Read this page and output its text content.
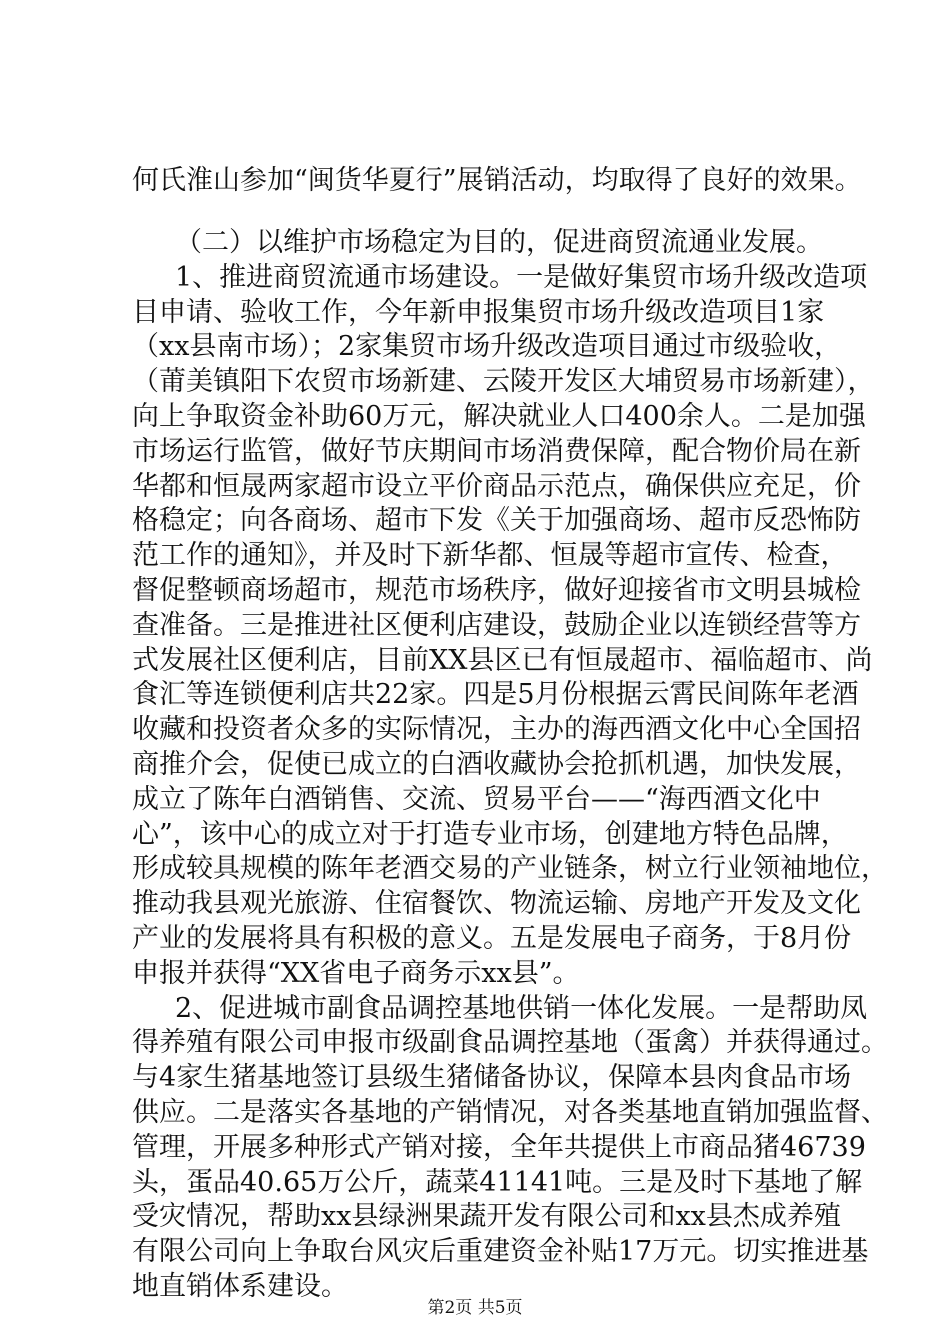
何氏淮山参加“闽货华夏行”展销活动，均取得了良好的效果。
（二）以维护市场稳定为目的，促进商贸流通业发展。
1、推进商贸流通市场建设。一是做好集贸市场升级改造项
目申请、验收工作，今年新申报集贸市场升级改造项目1家
（xx县南市场）；2家集贸市场升级改造项目通过市级验收，
（莆美镇阳下农贸市场新建、云陵开发区大埔贸易市场新建），
向上争取资金补助60万元，解决就业人口400余人。二是加强
市场运行监管，做好节庆期间市场消费保障，配合物价局在新
华都和恒晟两家超市设立平价商品示范点，确保供应充足，价
格稳定；向各商场、超市下发《关于加强商场、超市反恐怖防
范工作的通知》，并及时下新华都、恒晟等超市宣传、检查，
督促整顿商场超市，规范市场秩序，做好迎接省市文明县城检
查准备。三是推进社区便利店建设，鼓励企业以连锁经营等方
式发展社区便利店，目前XX县区已有恒晟超市、福临超市、尚
食汇等连锁便利店共22家。四是5月份根据云霄民间陈年老酒
收藏和投资者众多的实际情况，主办的海西酒文化中心全国招
商推介会，促使已成立的白酒收藏协会抢抓机遇，加快发展，
成立了陈年白酒销售、交流、贸易平台——“海西酒文化中
心”，该中心的成立对于打造专业市场，创建地方特色品牌，
形成较具规模的陈年老酒交易的产业链条，树立行业领袖地位，
推动我县观光旅游、住宿餐饮、物流运输、房地产开发及文化
产业的发展将具有积极的意义。五是发展电子商务，于8月份
申报并获得“XX省电子商务示xx县”。
2、促进城市副食品调控基地供销一体化发展。一是帮助凤
得养殖有限公司申报市级副食品调控基地（蛋禽）并获得通过。
与4家生猪基地签订县级生猪储备协议，保障本县肉食品市场
供应。二是落实各基地的产销情况，对各类基地直销加强监督、
管理，开展多种形式产销对接，全年共提供上市商品猪46739
头，蛋品40.65万公斤，蔬菜41141吨。三是及时下基地了解
受灾情况，帮助xx县绿洲果蔬开发有限公司和xx县杰成养殖
有限公司向上争取台风灾后重建资金补贴17万元。切实推进基
地直销体系建设。
第2页 共5页
